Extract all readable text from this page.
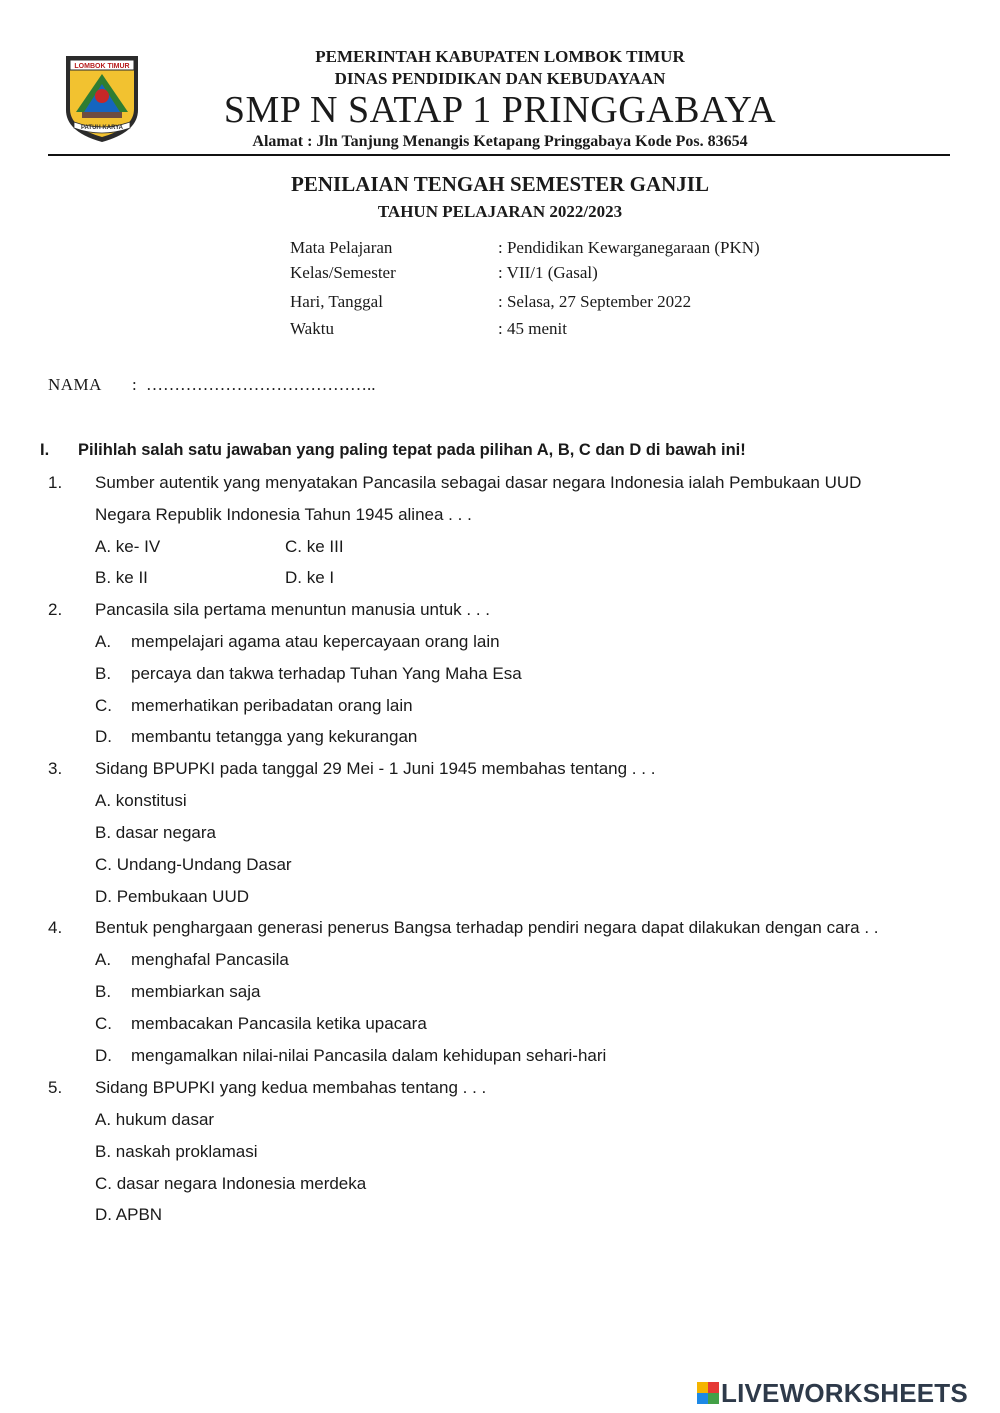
LOMBOK TIMUR
PATUH KARYA
PEMERINTAH KABUPATEN LOMBOK TIMUR
DINAS PENDIDIKAN DAN KEBUDAYAAN
SMP N SATAP 1 PRINGGABAYA
Alamat : Jln Tanjung Menangis Ketapang Pringgabaya Kode Pos. 83654
PENILAIAN TENGAH SEMESTER GANJIL
TAHUN PELAJARAN 2022/2023
Mata Pelajaran	: Pendidikan Kewarganegaraan (PKN)
Kelas/Semester	: VII/1 (Gasal)
Hari, Tanggal	: Selasa, 27 September 2022
Waktu	: 45 menit
NAMA : …………………………………..
I. Pilihlah salah satu jawaban yang paling tepat pada pilihan A, B, C dan D di bawah ini!
1. Sumber autentik yang menyatakan Pancasila sebagai dasar negara Indonesia ialah Pembukaan UUD
Negara Republik Indonesia Tahun 1945 alinea . . .
A. ke- IV	C. ke III
B. ke II	D. ke I
2. Pancasila sila pertama menuntun manusia untuk . . .
A. mempelajari agama atau kepercayaan orang lain
B. percaya dan takwa terhadap Tuhan Yang Maha Esa
C. memerhatikan peribadatan orang lain
D. membantu tetangga yang kekurangan
3. Sidang BPUPKI pada tanggal 29 Mei - 1 Juni 1945 membahas tentang . . .
A. konstitusi
B. dasar negara
C. Undang-Undang Dasar
D. Pembukaan UUD
4. Bentuk penghargaan generasi penerus Bangsa terhadap pendiri negara dapat dilakukan dengan cara . .
A. menghafal Pancasila
B. membiarkan saja
C. membacakan Pancasila ketika upacara
D. mengamalkan nilai-nilai Pancasila dalam kehidupan sehari-hari
5. Sidang BPUPKI yang kedua membahas tentang . . .
A. hukum dasar
B. naskah proklamasi
C. dasar negara Indonesia merdeka
D. APBN
LIVEWORKSHEETS
